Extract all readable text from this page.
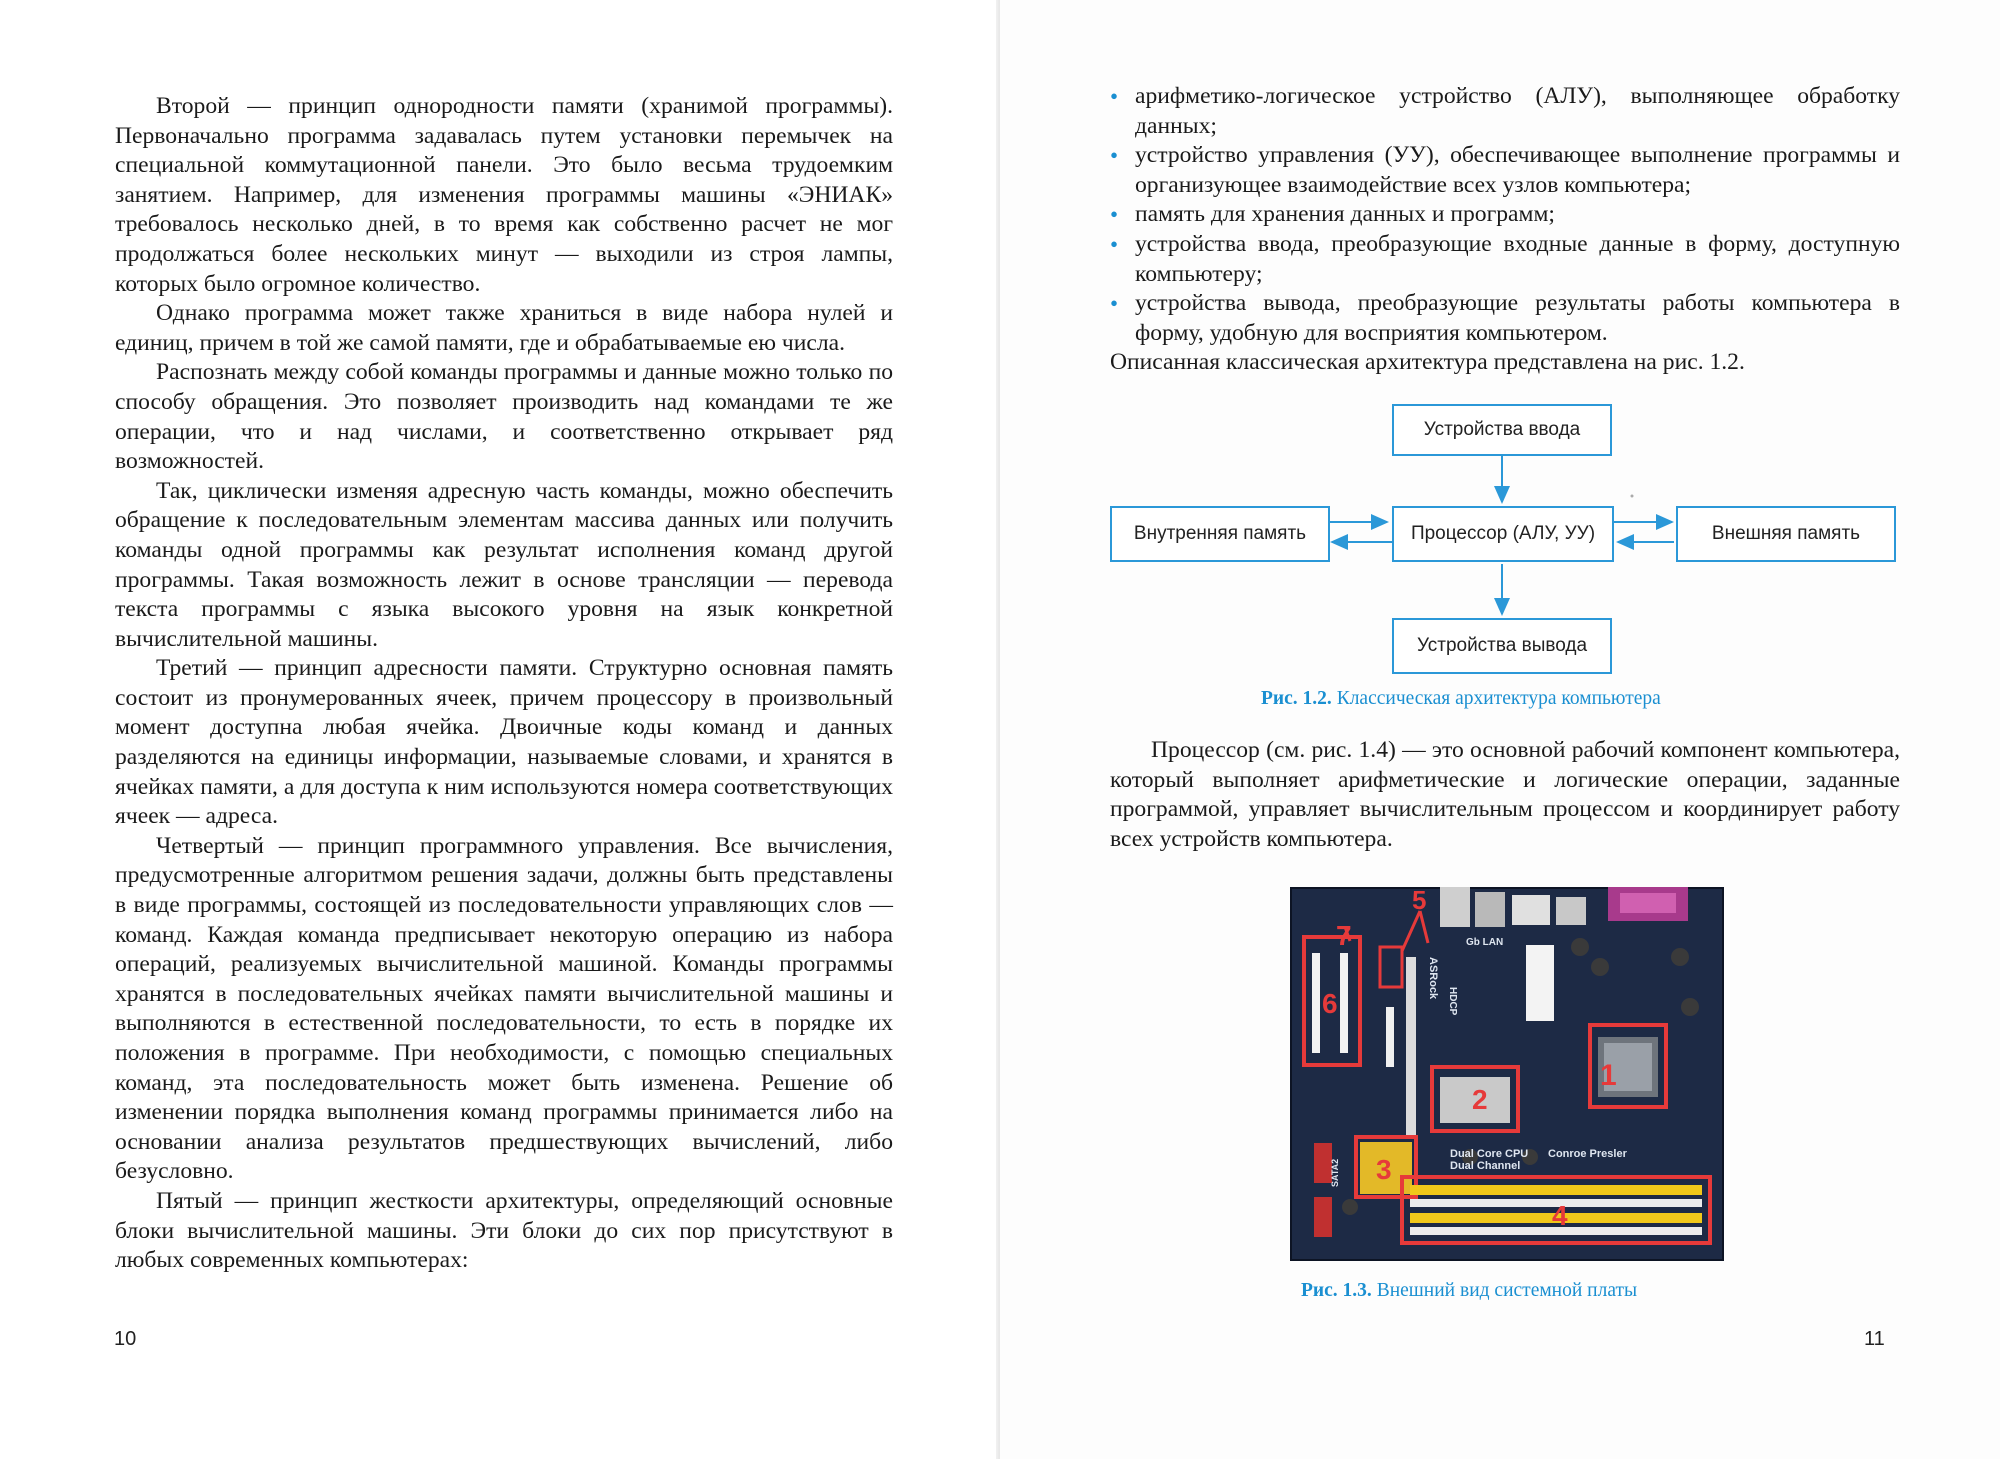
Второй — принцип однородности памяти (хранимой программы). Первоначально программа задавалась путем установки перемычек на специальной коммутационной панели. Это было весьма трудоемким занятием. Например, для изменения программы машины «ЭНИАК» требовалось несколько дней, в то время как собственно расчет не мог продолжаться более нескольких минут — выходили из строя лампы, которых было огромное количество.

Однако программа может также храниться в виде набора нулей и единиц, причем в той же самой памяти, где и обрабатываемые ею числа.

Распознать между собой команды программы и данные можно только по способу обращения. Это позволяет производить над командами те же операции, что и над числами, и соответственно открывает ряд возможностей.

Так, циклически изменяя адресную часть команды, можно обеспечить обращение к последовательным элементам массива данных или получить команды одной программы как результат исполнения команд другой программы. Такая возможность лежит в основе трансляции — перевода текста программы с языка высокого уровня на язык конкретной вычислительной машины.

Третий — принцип адресности памяти. Структурно основная память состоит из пронумерованных ячеек, причем процессору в произвольный момент доступна любая ячейка. Двоичные коды команд и данных разделяются на единицы информации, называемые словами, и хранятся в ячейках памяти, а для доступа к ним используются номера соответствующих ячеек — адреса.

Четвертый — принцип программного управления. Все вычисления, предусмотренные алгоритмом решения задачи, должны быть представлены в виде программы, состоящей из последовательности управляющих слов — команд. Каждая команда предписывает некоторую операцию из набора операций, реализуемых вычислительной машиной. Команды программы хранятся в последовательных ячейках памяти вычислительной машины и выполняются в естественной последовательности, то есть в порядке их положения в программе. При необходимости, с помощью специальных команд, эта последовательность может быть изменена. Решение об изменении порядка выполнения команд программы принимается либо на основании анализа результатов предшествующих вычислений, либо безусловно.

Пятый — принцип жесткости архитектуры, определяющий основные блоки вычислительной машины. Эти блоки до сих пор присутствуют в любых современных компьютерах:

10
• арифметико-логическое устройство (АЛУ), выполняющее обработку данных;
• устройство управления (УУ), обеспечивающее выполнение программы и организующее взаимодействие всех узлов компьютера;
• память для хранения данных и программ;
• устройства ввода, преобразующие входные данные в форму, доступную компьютеру;
• устройства вывода, преобразующие результаты работы компьютера в форму, удобную для восприятия компьютером.

Описанная классическая архитектура представлена на рис. 1.2.

Устройства ввода
Внутренняя память	Процессор (АЛУ, УУ)	Внешняя память
Устройства вывода
Рис. 1.2. Классическая архитектура компьютера

Процессор (см. рис. 1.4) — это основной рабочий компонент компьютера, который выполняет арифметические и логические операции, заданные программой, управляет вычислительным процессом и координирует работу всех устройств компьютера.

1
2
3
4
5
6
7
Dual Core CPU
Dual Channel
Conroe Presler
HDCP
SATA2
ASRock
Gb LAN
Рис. 1.3. Внешний вид системной платы
11
